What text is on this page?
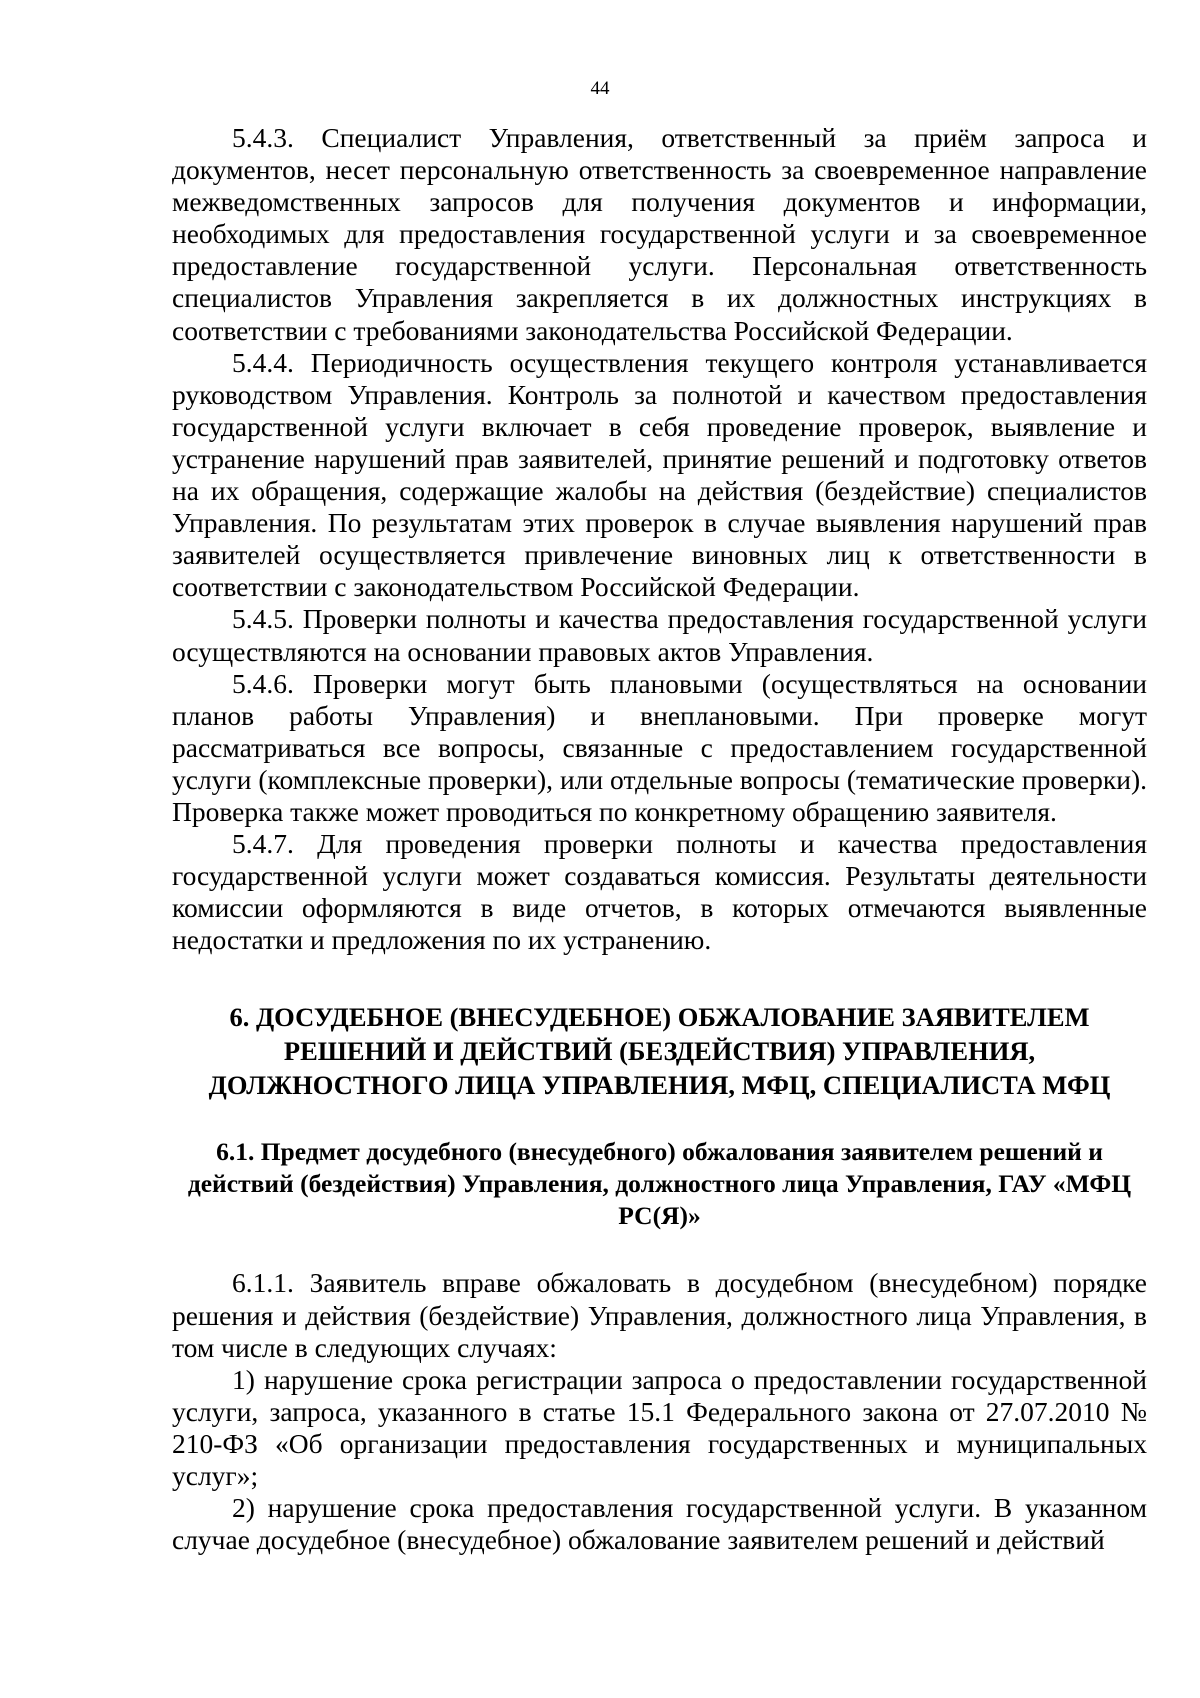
44

5.4.3. Специалист Управления, ответственный за приём запроса и документов, несет персональную ответственность за своевременное направление межведомственных запросов для получения документов и информации, необходимых для предоставления государственной услуги и за своевременное предоставление государственной услуги. Персональная ответственность специалистов Управления закрепляется в их должностных инструкциях в соответствии с требованиями законодательства Российской Федерации.

5.4.4. Периодичность осуществления текущего контроля устанавливается руководством Управления. Контроль за полнотой и качеством предоставления государственной услуги включает в себя проведение проверок, выявление и устранение нарушений прав заявителей, принятие решений и подготовку ответов на их обращения, содержащие жалобы на действия (бездействие) специалистов Управления. По результатам этих проверок в случае выявления нарушений прав заявителей осуществляется привлечение виновных лиц к ответственности в соответствии с законодательством Российской Федерации.

5.4.5. Проверки полноты и качества предоставления государственной услуги осуществляются на основании правовых актов Управления.

5.4.6. Проверки могут быть плановыми (осуществляться на основании планов работы Управления) и внеплановыми. При проверке могут рассматриваться все вопросы, связанные с предоставлением государственной услуги (комплексные проверки), или отдельные вопросы (тематические проверки). Проверка также может проводиться по конкретному обращению заявителя.

5.4.7. Для проведения проверки полноты и качества предоставления государственной услуги может создаваться комиссия. Результаты деятельности комиссии оформляются в виде отчетов, в которых отмечаются выявленные недостатки и предложения по их устранению.

6. ДОСУДЕБНОЕ (ВНЕСУДЕБНОЕ) ОБЖАЛОВАНИЕ ЗАЯВИТЕЛЕМ РЕШЕНИЙ И ДЕЙСТВИЙ (БЕЗДЕЙСТВИЯ) УПРАВЛЕНИЯ, ДОЛЖНОСТНОГО ЛИЦА УПРАВЛЕНИЯ, МФЦ, СПЕЦИАЛИСТА МФЦ
6.1. Предмет досудебного (внесудебного) обжалования заявителем решений и действий (бездействия) Управления, должностного лица Управления, ГАУ «МФЦ РС(Я)»

6.1.1. Заявитель вправе обжаловать в досудебном (внесудебном) порядке решения и действия (бездействие) Управления, должностного лица Управления, в том числе в следующих случаях:

1) нарушение срока регистрации запроса о предоставлении государственной услуги, запроса, указанного в статье 15.1 Федерального закона от 27.07.2010 № 210-ФЗ «Об организации предоставления государственных и муниципальных услуг»;

2) нарушение срока предоставления государственной услуги. В указанном случае досудебное (внесудебное) обжалование заявителем решений и действий
